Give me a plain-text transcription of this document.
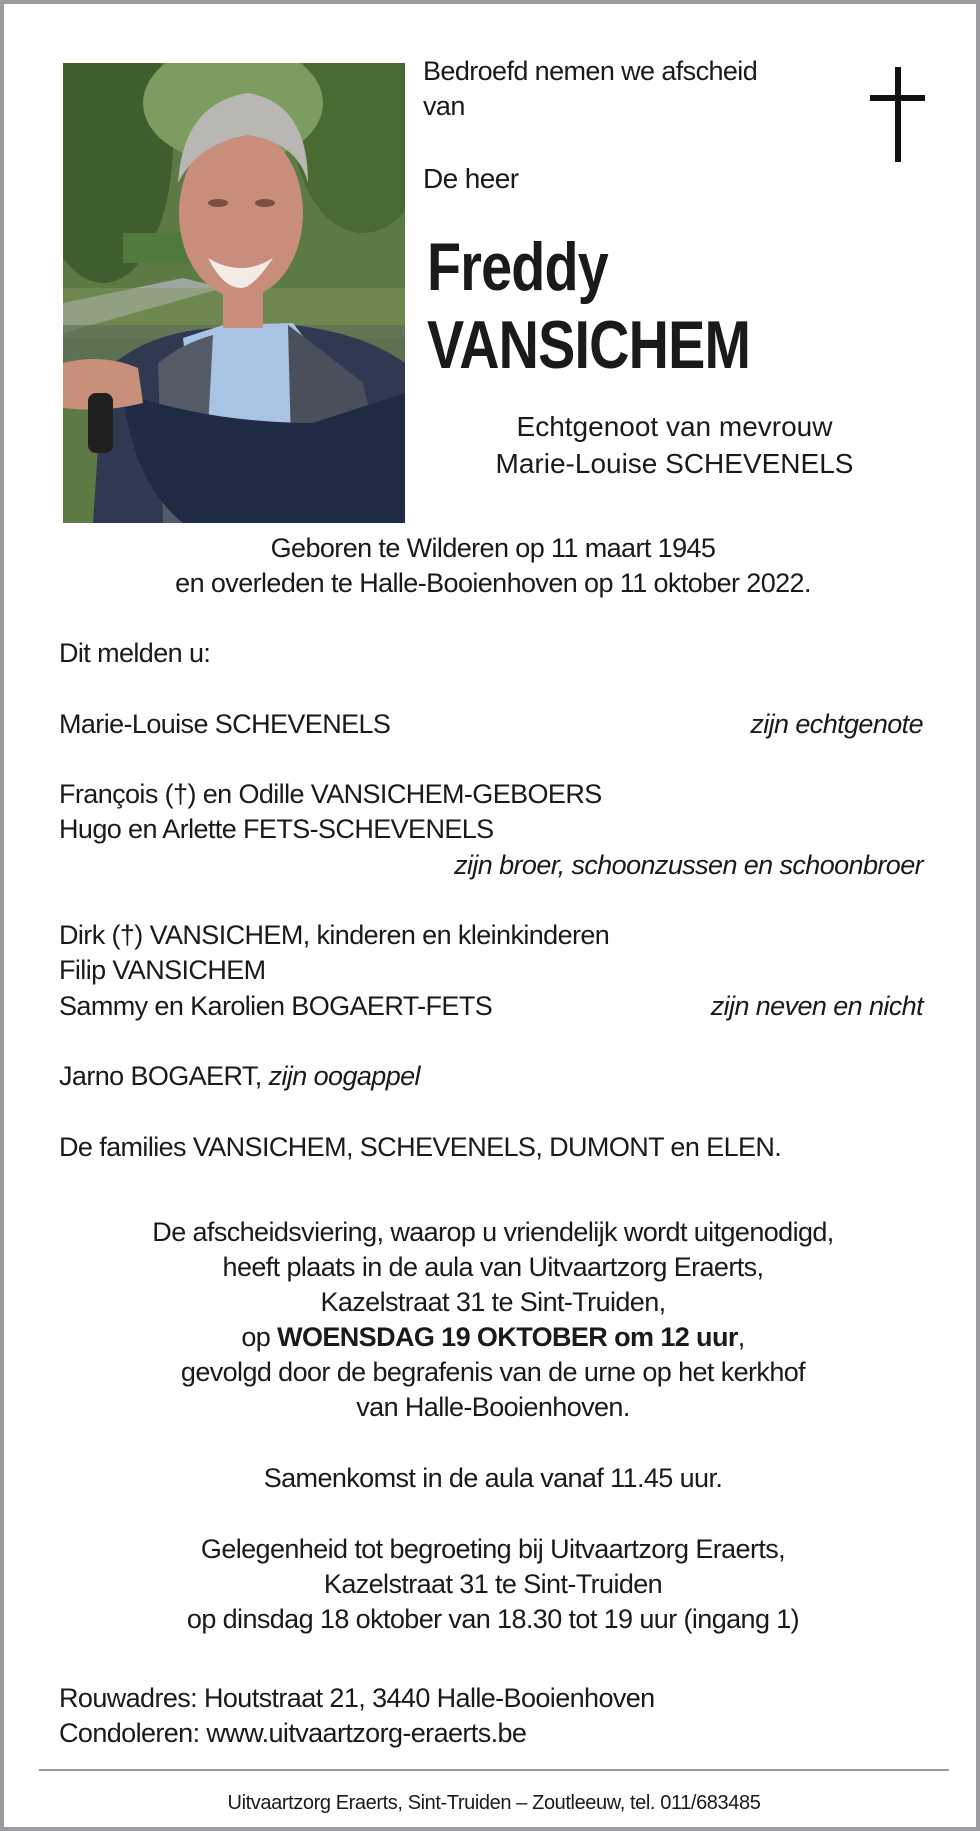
Bedroefd nemen we afscheid
van
De heer
Freddy
VANSICHEM
Echtgenoot van mevrouw
Marie-Louise SCHEVENELS
Geboren te Wilderen op 11 maart 1945
en overleden te Halle-Booienhoven op 11 oktober 2022.
Dit melden u:
Marie-Louise SCHEVENELS	zijn echtgenote
François (†) en Odille VANSICHEM-GEBOERS
Hugo en Arlette FETS-SCHEVENELS
zijn broer, schoonzussen en schoonbroer
Dirk (†) VANSICHEM, kinderen en kleinkinderen
Filip VANSICHEM
Sammy en Karolien BOGAERT-FETS	zijn neven en nicht
Jarno BOGAERT, zijn oogappel
De families VANSICHEM, SCHEVENELS, DUMONT en ELEN.
De afscheidsviering, waarop u vriendelijk wordt uitgenodigd,
heeft plaats in de aula van Uitvaartzorg Eraerts,
Kazelstraat 31 te Sint-Truiden,
op WOENSDAG 19 OKTOBER om 12 uur,
gevolgd door de begrafenis van de urne op het kerkhof
van Halle-Booienhoven.
Samenkomst in de aula vanaf 11.45 uur.
Gelegenheid tot begroeting bij Uitvaartzorg Eraerts,
Kazelstraat 31 te Sint-Truiden
op dinsdag 18 oktober van 18.30 tot 19 uur (ingang 1)
Rouwadres: Houtstraat 21, 3440 Halle-Booienhoven
Condoleren: www.uitvaartzorg-eraerts.be
Uitvaartzorg Eraerts, Sint-Truiden – Zoutleeuw, tel. 011/683485
